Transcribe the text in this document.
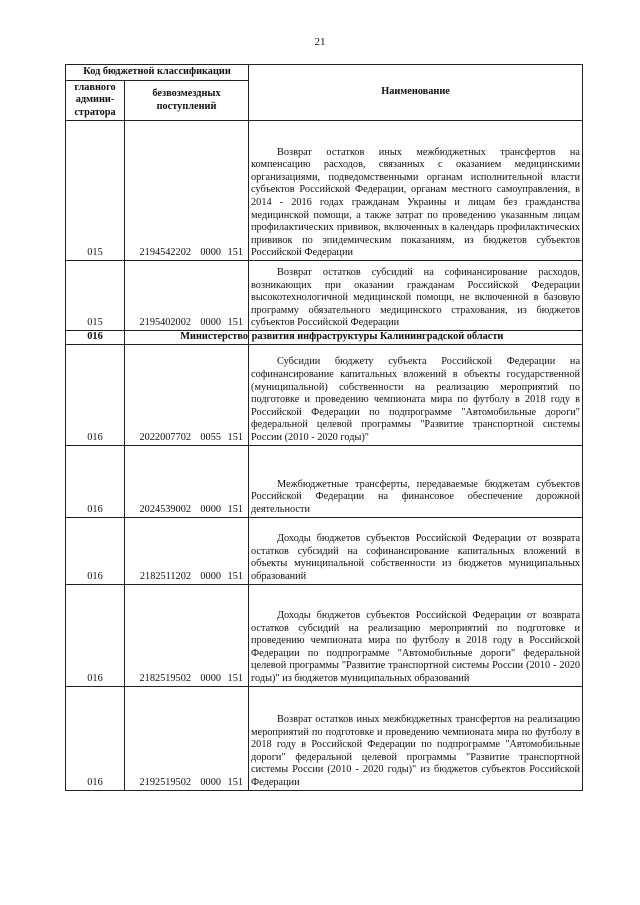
21
Код бюджетной классификации		Наименование
главного админи-стратора	безвозмездных поступлений	
015	2194542202 0000 151	Возврат остатков иных межбюджетных трансфертов на компенсацию расходов, связанных с оказанием медицинскими организациями, подведомственными органам исполнительной власти субъектов Российской Федерации, органам местного самоуправления, в 2014 - 2016 годах гражданам Украины и лицам без гражданства медицинской помощи, а также затрат по проведению указанным лицам профилактических прививок, включенных в календарь профилактических прививок по эпидемическим показаниям, из бюджетов субъектов Российской Федерации
015	2195402002 0000 151	Возврат остатков субсидий на софинансирование расходов, возникающих при оказании гражданам Российской Федерации высокотехнологичной медицинской помощи, не включенной в базовую программу обязательного медицинского страхования, из бюджетов субъектов Российской Федерации
016	Министерство	развития инфраструктуры Калининградской области
016	2022007702 0055 151	Субсидии бюджету субъекта Российской Федерации на софинансирование капитальных вложений в объекты государственной (муниципальной) собственности на реализацию мероприятий по подготовке и проведению чемпионата мира по футболу в 2018 году в Российской Федерации по подпрограмме "Автомобильные дороги" федеральной целевой программы "Развитие транспортной системы России (2010 - 2020 годы)"
016	2024539002 0000 151	Межбюджетные трансферты, передаваемые бюджетам субъектов Российской Федерации на финансовое обеспечение дорожной деятельности
016	2182511202 0000 151	Доходы бюджетов субъектов Российской Федерации от возврата остатков субсидий на софинансирование капитальных вложений в объекты муниципальной собственности из бюджетов муниципальных образований
016	2182519502 0000 151	Доходы бюджетов субъектов Российской Федерации от возврата остатков субсидий на реализацию мероприятий по подготовке и проведению чемпионата мира по футболу в 2018 году в Российской Федерации по подпрограмме "Автомобильные дороги" федеральной целевой программы "Развитие транспортной системы России (2010 - 2020 годы)" из бюджетов муниципальных образований
016	2192519502 0000 151	Возврат остатков иных межбюджетных трансфертов на реализацию мероприятий по подготовке и проведению чемпионата мира по футболу в 2018 году в Российской Федерации по подпрограмме "Автомобильные дороги" федеральной целевой программы "Развитие транспортной системы России (2010 - 2020 годы)" из бюджетов субъектов Российской Федерации
